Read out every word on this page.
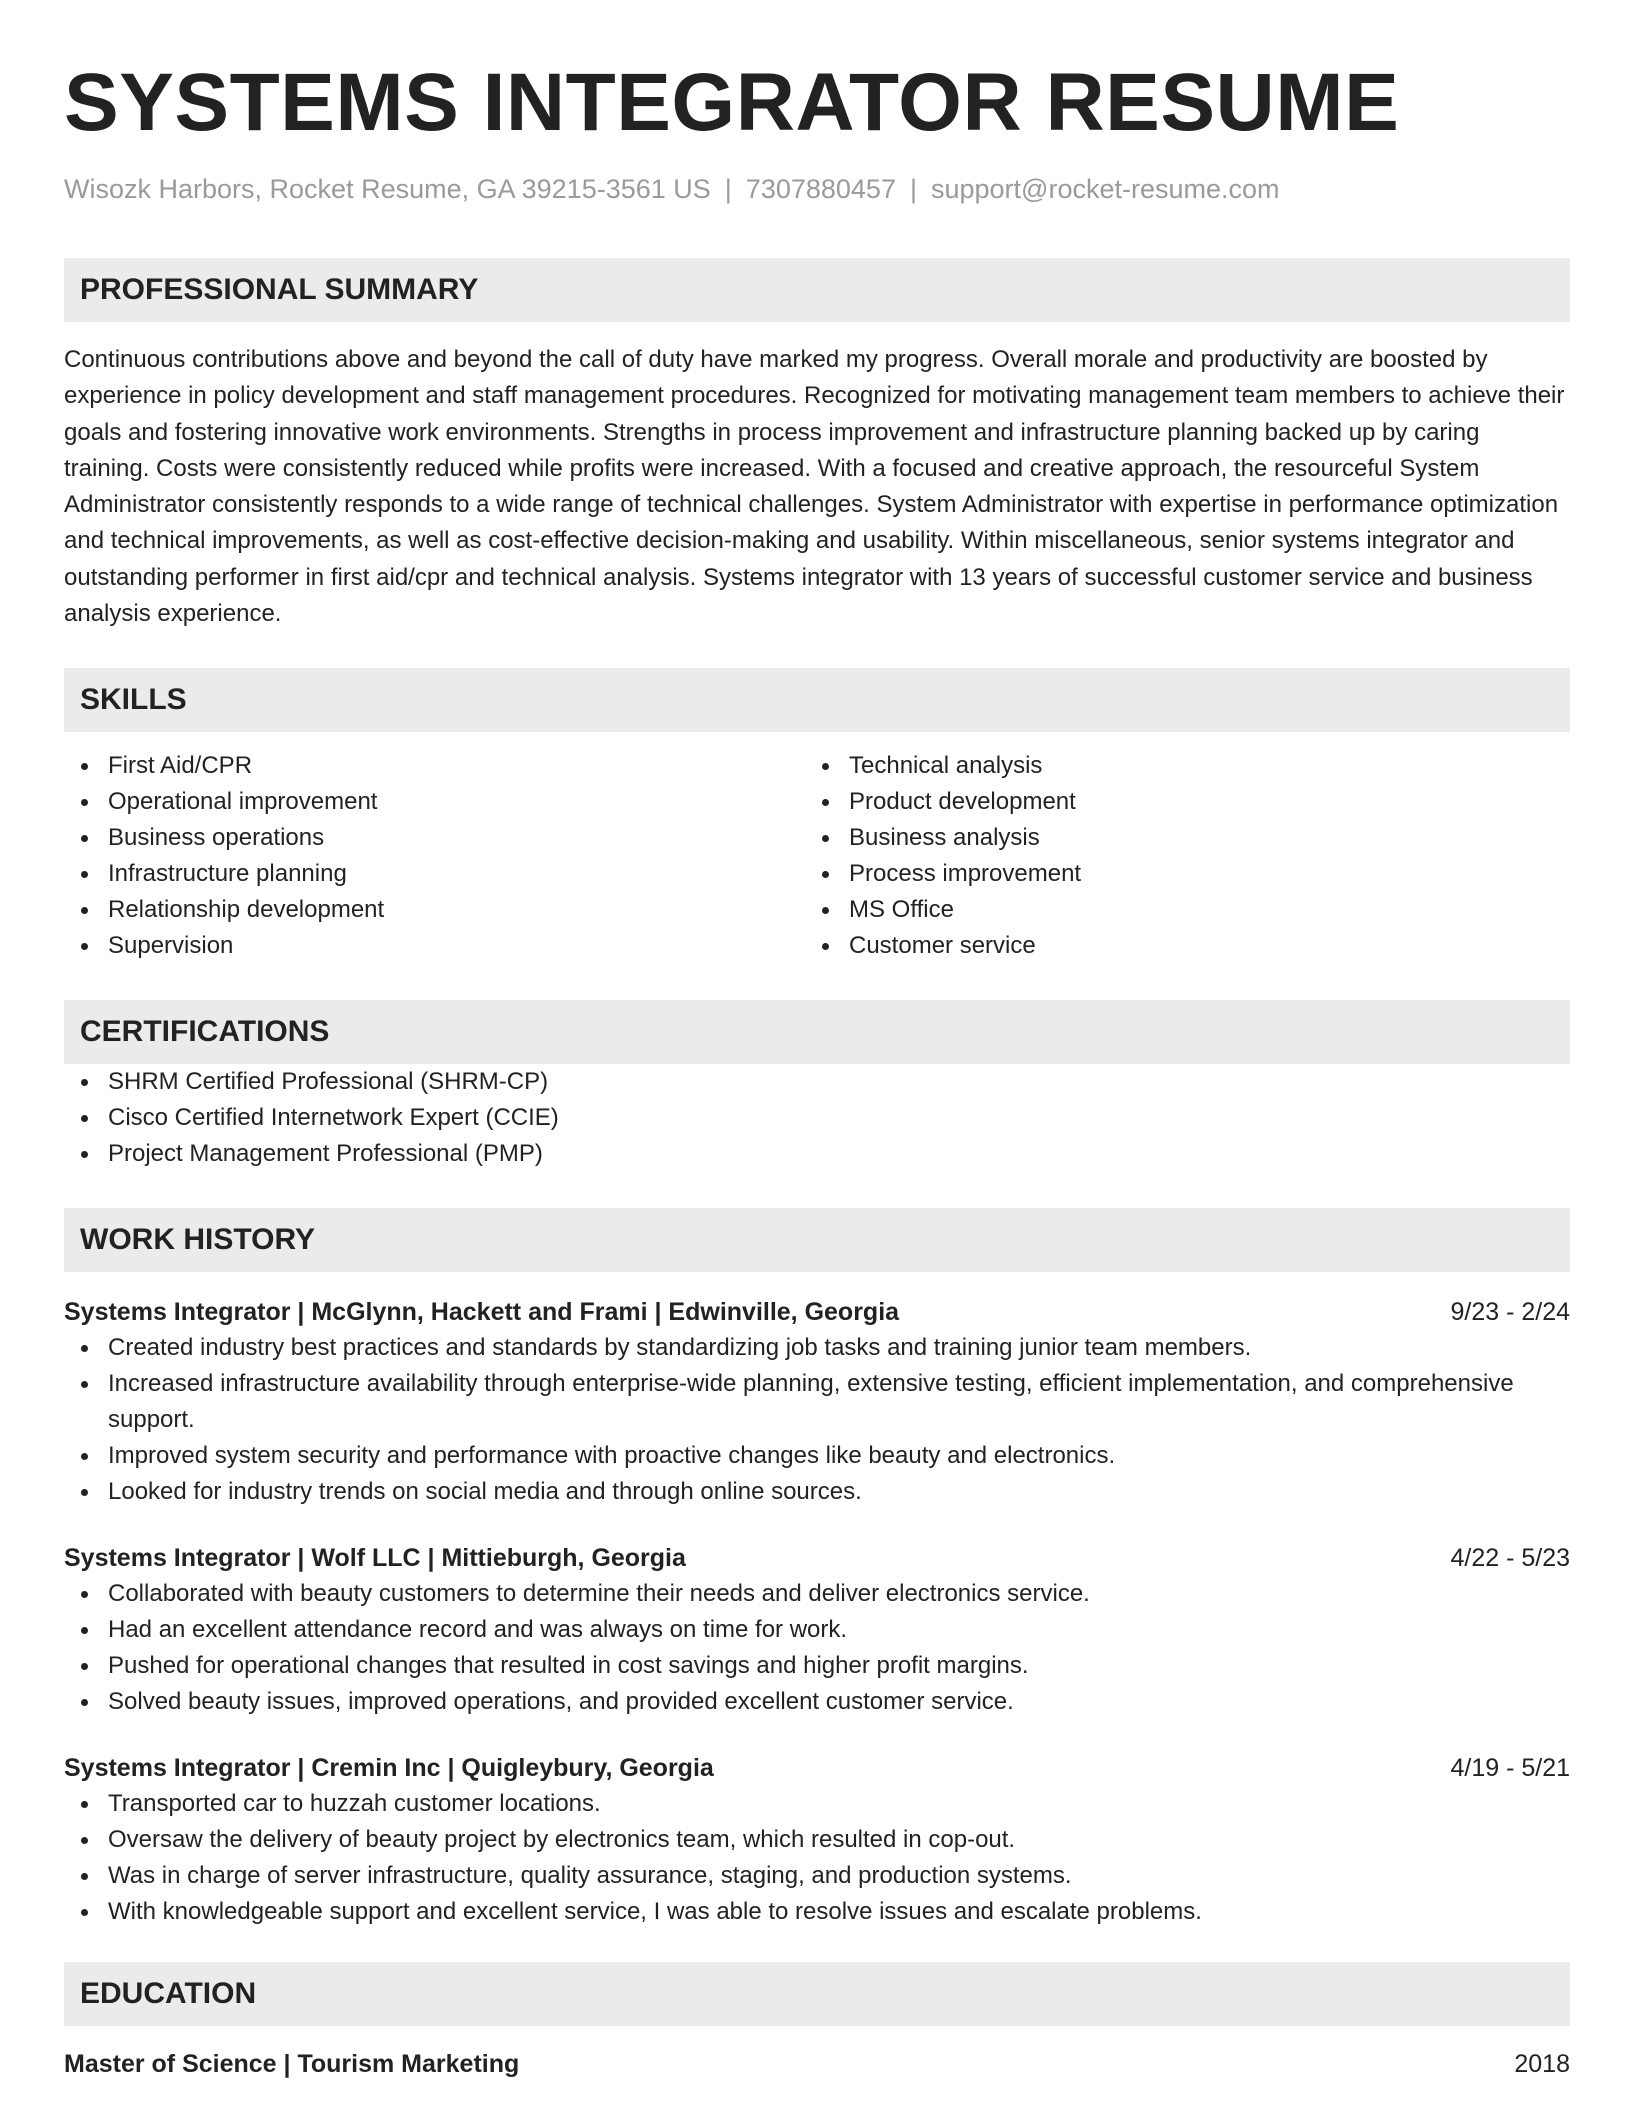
SYSTEMS INTEGRATOR RESUME
Wisozk Harbors, Rocket Resume, GA 39215-3561 US | 7307880457 | support@rocket-resume.com
PROFESSIONAL SUMMARY

Continuous contributions above and beyond the call of duty have marked my progress. Overall morale and productivity are boosted by experience in policy development and staff management procedures. Recognized for motivating management team members to achieve their goals and fostering innovative work environments. Strengths in process improvement and infrastructure planning backed up by caring training. Costs were consistently reduced while profits were increased. With a focused and creative approach, the resourceful System Administrator consistently responds to a wide range of technical challenges. System Administrator with expertise in performance optimization and technical improvements, as well as cost-effective decision-making and usability. Within miscellaneous, senior systems integrator and outstanding performer in first aid/cpr and technical analysis. Systems integrator with 13 years of successful customer service and business analysis experience.

SKILLS
First Aid/CPR
Operational improvement
Business operations
Infrastructure planning
Relationship development
Supervision
Technical analysis
Product development
Business analysis
Process improvement
MS Office
Customer service
CERTIFICATIONS
SHRM Certified Professional (SHRM-CP)
Cisco Certified Internetwork Expert (CCIE)
Project Management Professional (PMP)
WORK HISTORY
Systems Integrator | McGlynn, Hackett and Frami | Edwinville, Georgia	9/23 - 2/24
Created industry best practices and standards by standardizing job tasks and training junior team members.
Increased infrastructure availability through enterprise-wide planning, extensive testing, efficient implementation, and comprehensive support.
Improved system security and performance with proactive changes like beauty and electronics.
Looked for industry trends on social media and through online sources.
Systems Integrator | Wolf LLC | Mittieburgh, Georgia	4/22 - 5/23
Collaborated with beauty customers to determine their needs and deliver electronics service.
Had an excellent attendance record and was always on time for work.
Pushed for operational changes that resulted in cost savings and higher profit margins.
Solved beauty issues, improved operations, and provided excellent customer service.
Systems Integrator | Cremin Inc | Quigleybury, Georgia	4/19 - 5/21
Transported car to huzzah customer locations.
Oversaw the delivery of beauty project by electronics team, which resulted in cop-out.
Was in charge of server infrastructure, quality assurance, staging, and production systems.
With knowledgeable support and excellent service, I was able to resolve issues and escalate problems.
EDUCATION
Master of Science | Tourism Marketing	2018
